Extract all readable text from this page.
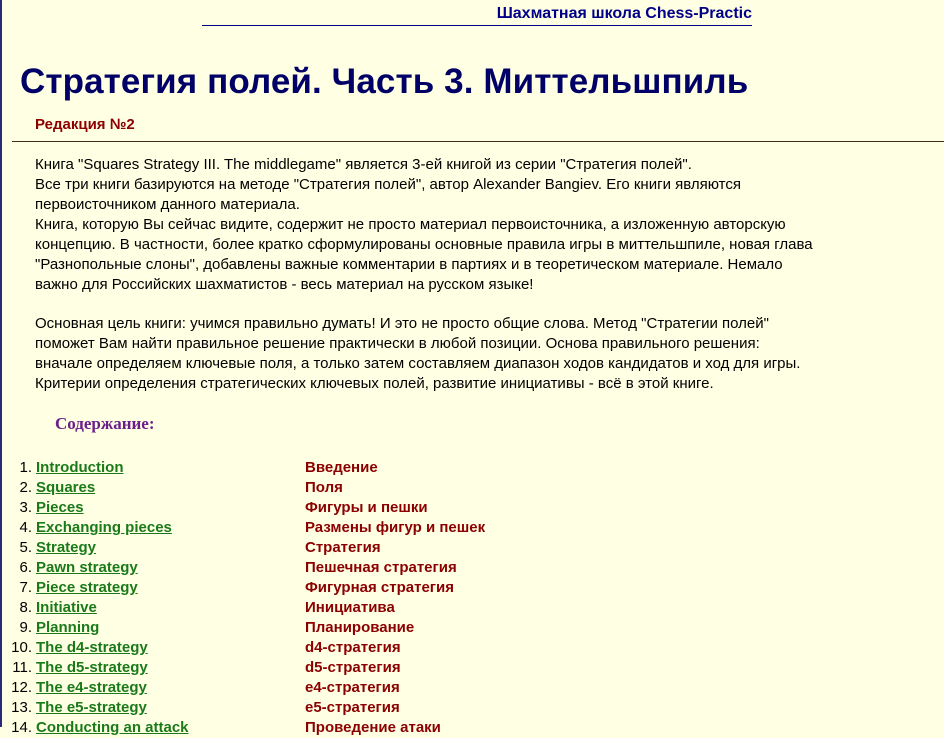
Шахматная школа Chess-Practic
Стратегия полей. Часть 3. Миттельшпиль
Редакция №2
Книга "Squares Strategy III. The middlegame" является 3-ей книгой из серии "Стратегия полей".
Все три книги базируются на методе "Стратегия полей", автор Alexander Bangiev. Его книги являются
первоисточником данного материала.
Книга, которую Вы сейчас видите, содержит не просто материал первоисточника, а изложенную авторскую
концепцию. В частности, более кратко сформулированы основные правила игры в миттельшпиле, новая глава
"Разнопольные слоны", добавлены важные комментарии в партиях и в теоретическом материале. Немало
важно для Российских шахматистов - весь материал на русском языке!
Основная цель книги: учимся правильно думать! И это не просто общие слова. Метод "Стратегии полей"
поможет Вам найти правильное решение практически в любой позиции. Основа правильного решения:
вначале определяем ключевые поля, а только затем составляем диапазон ходов кандидатов и ход для игры.
Критерии определения стратегических ключевых полей, развитие инициативы - всё в этой книге.
Содержание:
1. Introduction	Введение
2. Squares	Поля
3. Pieces	Фигуры и пешки
4. Exchanging pieces	Размены фигур и пешек
5. Strategy	Стратегия
6. Pawn strategy	Пешечная стратегия
7. Piece strategy	Фигурная стратегия
8. Initiative	Инициатива
9. Planning	Планирование
10. The d4-strategy	d4-стратегия
11. The d5-strategy	d5-стратегия
12. The e4-strategy	e4-стратегия
13. The e5-strategy	e5-стратегия
14. Conducting an attack	Проведение атаки
